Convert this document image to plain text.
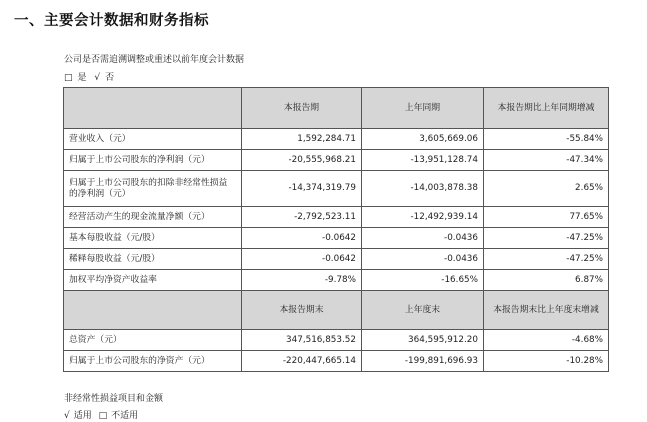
一、主要会计数据和财务指标
公司是否需追溯调整或重述以前年度会计数据
□ 是 √ 否
	本报告期	上年同期	本报告期比上年同期增减
营业收入（元）	1,592,284.71	3,605,669.06	-55.84%
归属于上市公司股东的净利润（元）	-20,555,968.21	-13,951,128.74	-47.34%
归属于上市公司股东的扣除非经常性损益的净利润（元）	-14,374,319.79	-14,003,878.38	2.65%
经营活动产生的现金流量净额（元）	-2,792,523.11	-12,492,939.14	77.65%
基本每股收益（元/股）	-0.0642	-0.0436	-47.25%
稀释每股收益（元/股）	-0.0642	-0.0436	-47.25%
加权平均净资产收益率	-9.78%	-16.65%	6.87%
	本报告期末	上年度末	本报告期末比上年度末增减
总资产（元）	347,516,853.52	364,595,912.20	-4.68%
归属于上市公司股东的净资产（元）	-220,447,665.14	-199,891,696.93	-10.28%
非经常性损益项目和金额
√ 适用 □ 不适用
